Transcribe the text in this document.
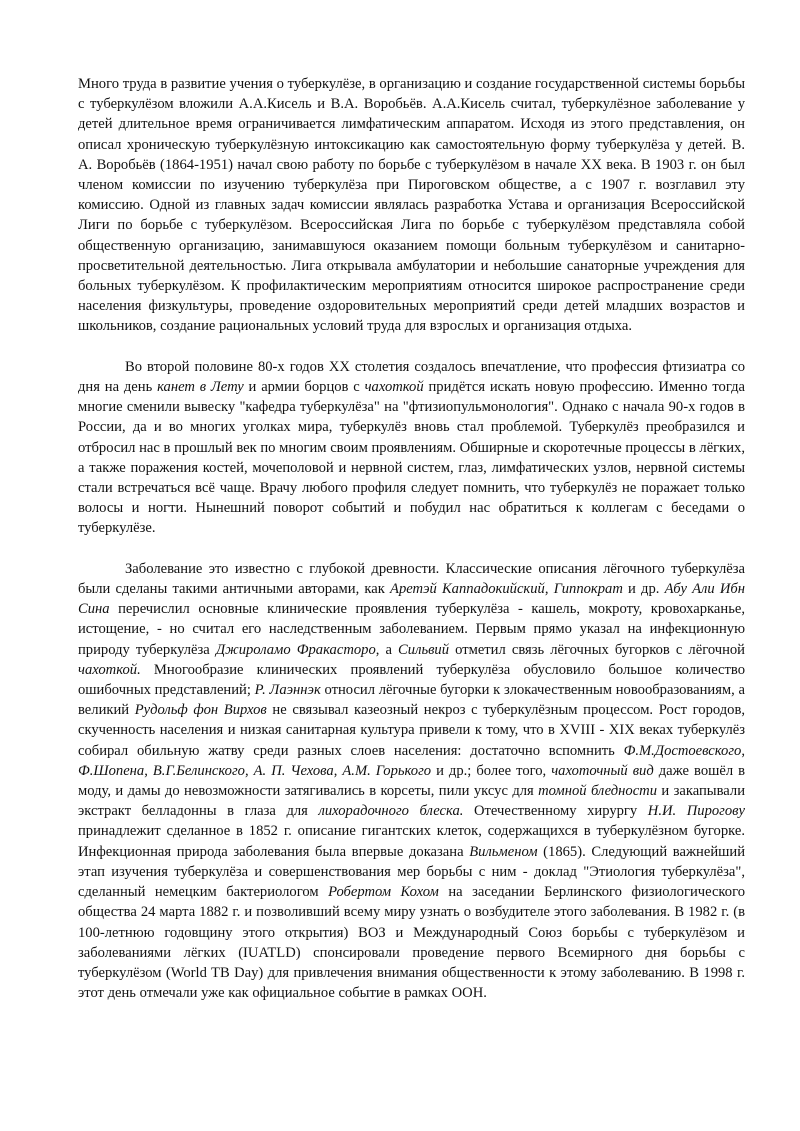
Много труда в развитие учения о туберкулёзе, в организацию и создание государственной системы борьбы с туберкулёзом вложили А.А.Кисель и В.А. Воробьёв. А.А.Кисель считал, туберкулёзное заболевание у детей длительное время ограничивается лимфатическим аппаратом. Исходя из этого представления, он описал хроническую туберкулёзную интоксикацию как самостоятельную форму туберкулёза у детей. В. А. Воробьёв (1864-1951) начал свою работу по борьбе с туберкулёзом в начале XX века. В 1903 г. он был членом комиссии по изучению туберкулёза при Пироговском обществе, а с 1907 г. возглавил эту комиссию. Одной из главных задач комиссии являлась разработка Устава и организация Всероссийской Лиги по борьбе с туберкулёзом. Всероссийская Лига по борьбе с туберкулёзом представляла собой общественную организацию, занимавшуюся оказанием помощи больным туберкулёзом и санитарно-просветительной деятельностью. Лига открывала амбулатории и небольшие санаторные учреждения для больных туберкулёзом. К профилактическим мероприятиям относится широкое распространение среди населения физкультуры, проведение оздоровительных мероприятий среди детей младших возрастов и школьников, создание рациональных условий труда для взрослых и организация отдыха.

Во второй половине 80-х годов XX столетия создалось впечатление, что профессия фтизиатра со дня на день канет в Лету и армии борцов с чахоткой придётся искать новую профессию. Именно тогда многие сменили вывеску "кафедра туберкулёза" на "фтизиопульмонология". Однако с начала 90-х годов в России, да и во многих уголках мира, туберкулёз вновь стал проблемой. Туберкулёз преобразился и отбросил нас в прошлый век по многим своим проявлениям. Обширные и скоротечные процессы в лёгких, а также поражения костей, мочеполовой и нервной систем, глаз, лимфатических узлов, нервной системы стали встречаться всё чаще. Врачу любого профиля следует помнить, что туберкулёз не поражает только волосы и ногти. Нынешний поворот событий и побудил нас обратиться к коллегам с беседами о туберкулёзе.

Заболевание это известно с глубокой древности. Классические описания лёгочного туберкулёза были сделаны такими античными авторами, как Аретэй Каппадокийский, Гиппократ и др. Абу Али Ибн Сина перечислил основные клинические проявления туберкулёза - кашель, мокроту, кровохарканье, истощение, - но считал его наследственным заболеванием. Первым прямо указал на инфекционную природу туберкулёза Джироламо Фракасторо, а Сильвий отметил связь лёгочных бугорков с лёгочной чахоткой. Многообразие клинических проявлений туберкулёза обусловило большое количество ошибочных представлений; Р. Лаэннэк относил лёгочные бугорки к злокачественным новообразованиям, а великий Рудольф фон Вирхов не связывал казеозный некроз с туберкулёзным процессом. Рост городов, скученность населения и низкая санитарная культура привели к тому, что в XVIII - XIX веках туберкулёз собирал обильную жатву среди разных слоев населения: достаточно вспомнить Ф.М.Достоевского, Ф.Шопена, В.Г.Белинского, А. П. Чехова, А.М. Горького и др.; более того, чахоточный вид даже вошёл в моду, и дамы до невозможности затягивались в корсеты, пили уксус для томной бледности и закапывали экстракт белладонны в глаза для лихорадочного блеска. Отечественному хирургу Н.И. Пирогову принадлежит сделанное в 1852 г. описание гигантских клеток, содержащихся в туберкулёзном бугорке. Инфекционная природа заболевания была впервые доказана Вильменом (1865). Следующий важнейший этап изучения туберкулёза и совершенствования мер борьбы с ним - доклад "Этиология туберкулёза", сделанный немецким бактериологом Робертом Кохом на заседании Берлинского физиологического общества 24 марта 1882 г. и позволивший всему миру узнать о возбудителе этого заболевания. В 1982 г. (в 100-летнюю годовщину этого открытия) ВОЗ и Международный Союз борьбы с туберкулёзом и заболеваниями лёгких (IUATLD) спонсировали проведение первого Всемирного дня борьбы с туберкулёзом (World TB Day) для привлечения внимания общественности к этому заболеванию. В 1998 г. этот день отмечали уже как официальное событие в рамках ООН.
